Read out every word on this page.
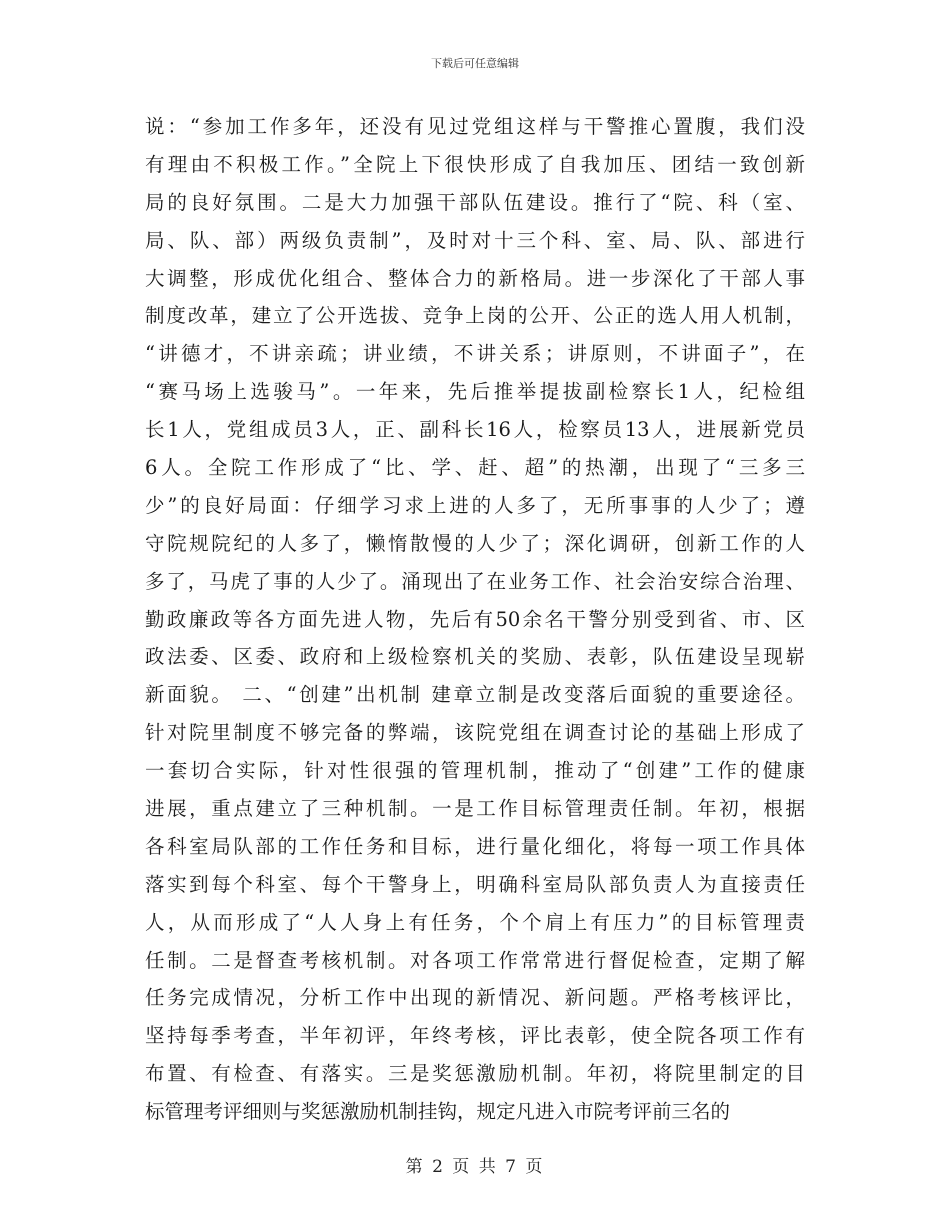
下载后可任意编辑
说：“参加工作多年，还没有见过党组这样与干警推心置腹，我们没
有理由不积极工作。”全院上下很快形成了自我加压、团结一致创新
局的良好氛围。二是大力加强干部队伍建设。推行了“院、科（室、
局、队、部）两级负责制”，及时对十三个科、室、局、队、部进行
大调整，形成优化组合、整体合力的新格局。进一步深化了干部人事
制度改革，建立了公开选拔、竞争上岗的公开、公正的选人用人机制，
“讲德才，不讲亲疏；讲业绩，不讲关系；讲原则，不讲面子”，在
“赛马场上选骏马”。一年来，先后推举提拔副检察长1人，纪检组
长1人，党组成员3人，正、副科长16人，检察员13人，进展新党员
6人。全院工作形成了“比、学、赶、超”的热潮，出现了“三多三
少”的良好局面：仔细学习求上进的人多了，无所事事的人少了；遵
守院规院纪的人多了，懒惰散慢的人少了；深化调研，创新工作的人
多了，马虎了事的人少了。涌现出了在业务工作、社会治安综合治理、
勤政廉政等各方面先进人物，先后有50余名干警分别受到省、市、区
政法委、区委、政府和上级检察机关的奖励、表彰，队伍建设呈现崭
新面貌。 二、“创建”出机制 建章立制是改变落后面貌的重要途径。
针对院里制度不够完备的弊端，该院党组在调查讨论的基础上形成了
一套切合实际，针对性很强的管理机制，推动了“创建”工作的健康
进展，重点建立了三种机制。一是工作目标管理责任制。年初，根据
各科室局队部的工作任务和目标，进行量化细化，将每一项工作具体
落实到每个科室、每个干警身上，明确科室局队部负责人为直接责任
人，从而形成了“人人身上有任务，个个肩上有压力”的目标管理责
任制。二是督查考核机制。对各项工作常常进行督促检查，定期了解
任务完成情况，分析工作中出现的新情况、新问题。严格考核评比，
坚持每季考查，半年初评，年终考核，评比表彰，使全院各项工作有
布置、有检查、有落实。三是奖惩激励机制。年初，将院里制定的目
标管理考评细则与奖惩激励机制挂钩，规定凡进入市院考评前三名的
第 2 页 共 7 页
